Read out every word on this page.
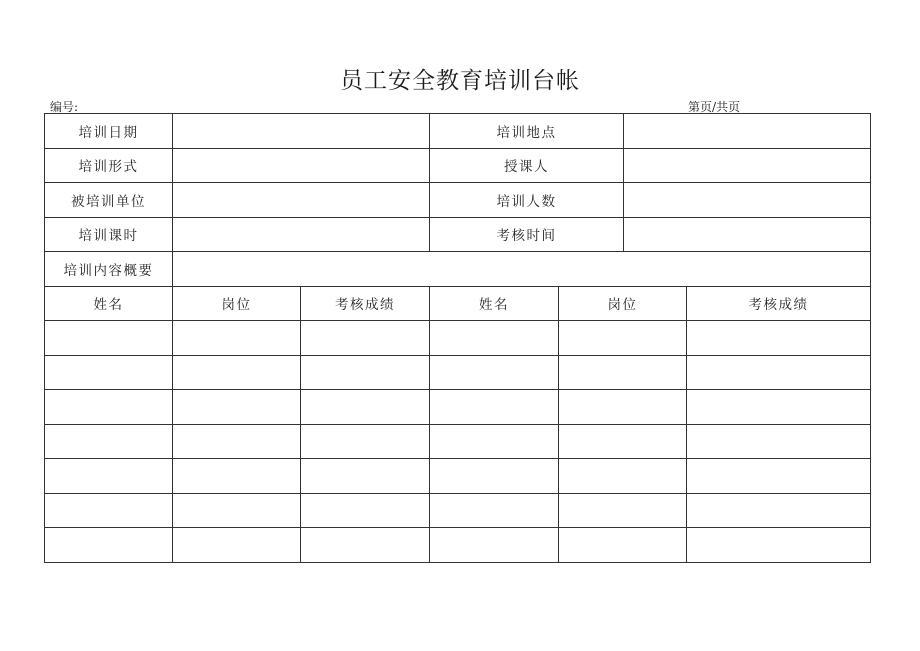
员工安全教育培训台帐
编号:	第页/共页
培训日期			培训地点			
培训形式			授课人			
被培训单位			培训人数			
培训课时			考核时间			
培训内容概要						
姓名	岗位	考核成绩	姓名	岗位		考核成绩
